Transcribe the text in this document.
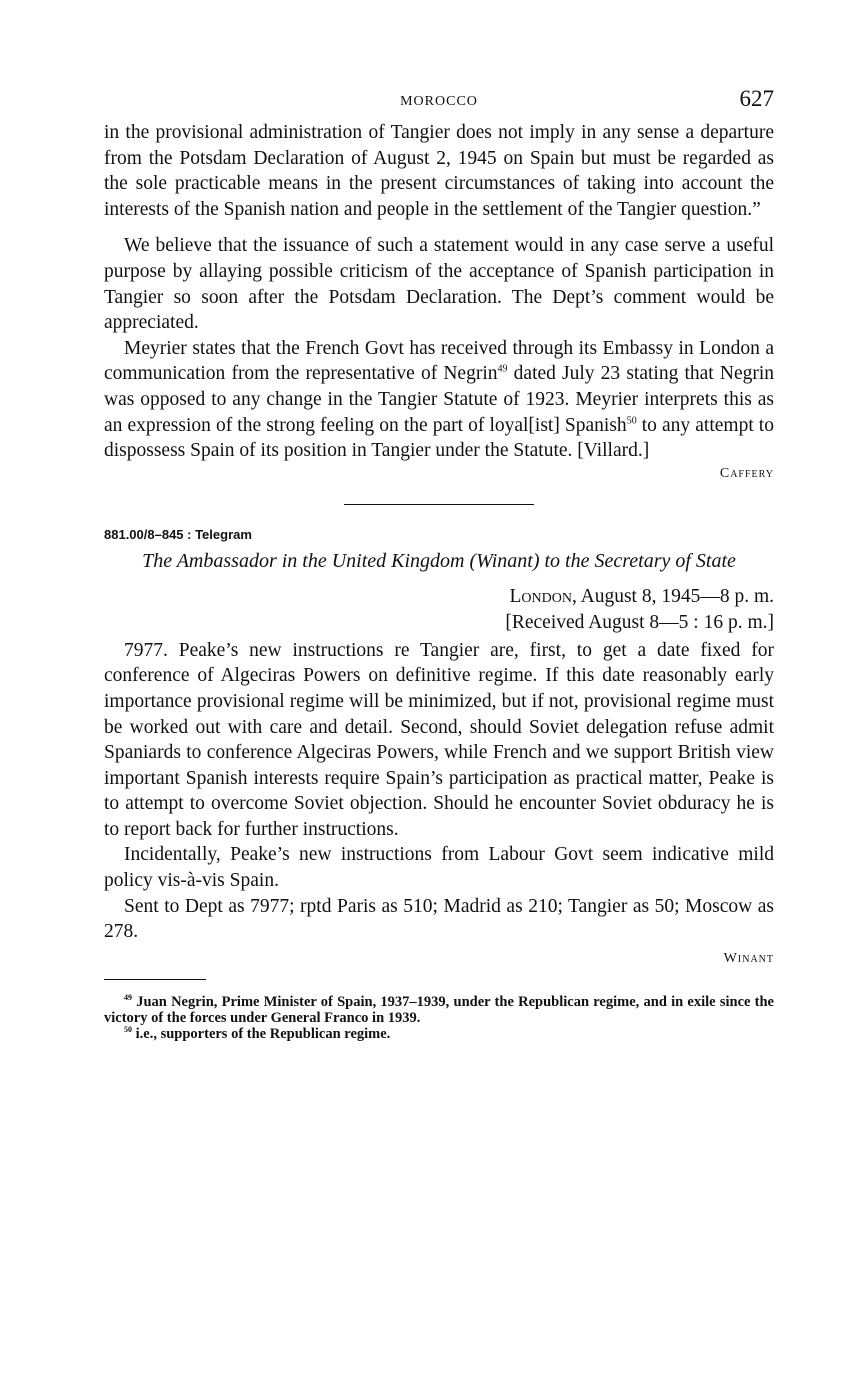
MOROCCO	627

in the provisional administration of Tangier does not imply in any sense a departure from the Potsdam Declaration of August 2, 1945 on Spain but must be regarded as the sole practicable means in the present circumstances of taking into account the interests of the Spanish nation and people in the settlement of the Tangier question.”

We believe that the issuance of such a statement would in any case serve a useful purpose by allaying possible criticism of the acceptance of Spanish participation in Tangier so soon after the Potsdam Declaration. The Dept’s comment would be appreciated.

Meyrier states that the French Govt has received through its Embassy in London a communication from the representative of Negrin$^{49}$ dated July 23 stating that Negrin was opposed to any change in the Tangier Statute of 1923. Meyrier interprets this as an expression of the strong feeling on the part of loyal[ist] Spanish$^{50}$ to any attempt to dispossess Spain of its position in Tangier under the Statute. [Villard.]

Caffery
881.00/8–845 : Telegram
The Ambassador in the United Kingdom (Winant) to the Secretary of State
London, August 8, 1945—8 p. m.
[Received August 8—5 : 16 p. m.]

7977. Peake’s new instructions re Tangier are, first, to get a date fixed for conference of Algeciras Powers on definitive regime. If this date reasonably early importance provisional regime will be minimized, but if not, provisional regime must be worked out with care and detail. Second, should Soviet delegation refuse admit Spaniards to conference Algeciras Powers, while French and we support British view important Spanish interests require Spain’s participation as practical matter, Peake is to attempt to overcome Soviet objection. Should he encounter Soviet obduracy he is to report back for further instructions.

Incidentally, Peake’s new instructions from Labour Govt seem indicative mild policy vis-à-vis Spain.

Sent to Dept as 7977; rptd Paris as 510; Madrid as 210; Tangier as 50; Moscow as 278.

Winant

$^{49}$ Juan Negrin, Prime Minister of Spain, 1937–1939, under the Republican regime, and in exile since the victory of the forces under General Franco in 1939.

$^{50}$ i.e., supporters of the Republican regime.
